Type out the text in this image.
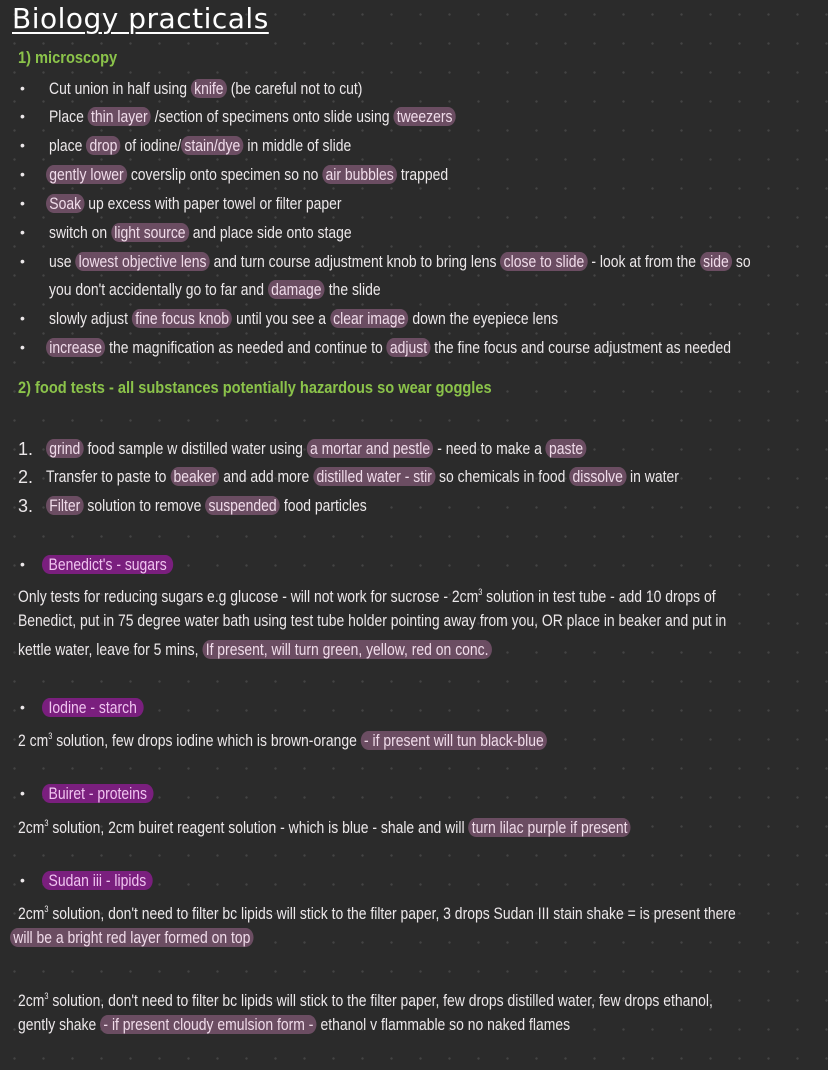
Biology practicals
1) microscopy
•
Cut union in half using knife (be careful not to cut)
•
Place thin layer /section of specimens onto slide using tweezers
•
place drop of iodine/ stain/dye in middle of slide
•
gently lower coverslip onto specimen so no air bubbles trapped
•
Soak up excess with paper towel or filter paper
•
switch on light source and place side onto stage
•
use lowest objective lens and turn course adjustment knob to bring lens close to slide - look at from the side so
you don't accidentally go to far and damage the slide
•
slowly adjust fine focus knob until you see a clear image down the eyepiece lens
•
increase the magnification as needed and continue to adjust the fine focus and course adjustment as needed
2) food tests - all substances potentially hazardous so wear goggles
1. grind food sample w distilled water using a mortar and pestle - need to make a paste
2. Transfer to paste to beaker and add more distilled water - stir so chemicals in food dissolve in water
3. Filter solution to remove suspended food particles
•
Benedict's - sugars
Only tests for reducing sugars e.g glucose - will not work for sucrose - $2cm^3$ solution in test tube - add 10 drops of
Benedict, put in 75 degree water bath using test tube holder pointing away from you, OR place in beaker and put in
kettle water, leave for 5 mins, If present, will turn green, yellow, red on conc.
•
Iodine - starch
2 $cm^3$ solution, few drops iodine which is brown-orange - if present will tun black-blue
•
Buiret - proteins
$2cm^3$ solution, 2cm buiret reagent solution - which is blue - shale and will turn lilac purple if present
•
Sudan iii - lipids
$2cm^3$ solution, don't need to filter bc lipids will stick to the filter paper, 3 drops Sudan III stain shake = is present there
will be a bright red layer formed on top
$2cm^3$ solution, don't need to filter bc lipids will stick to the filter paper, few drops distilled water, few drops ethanol,
gently shake - if present cloudy emulsion form - ethanol v flammable so no naked flames
